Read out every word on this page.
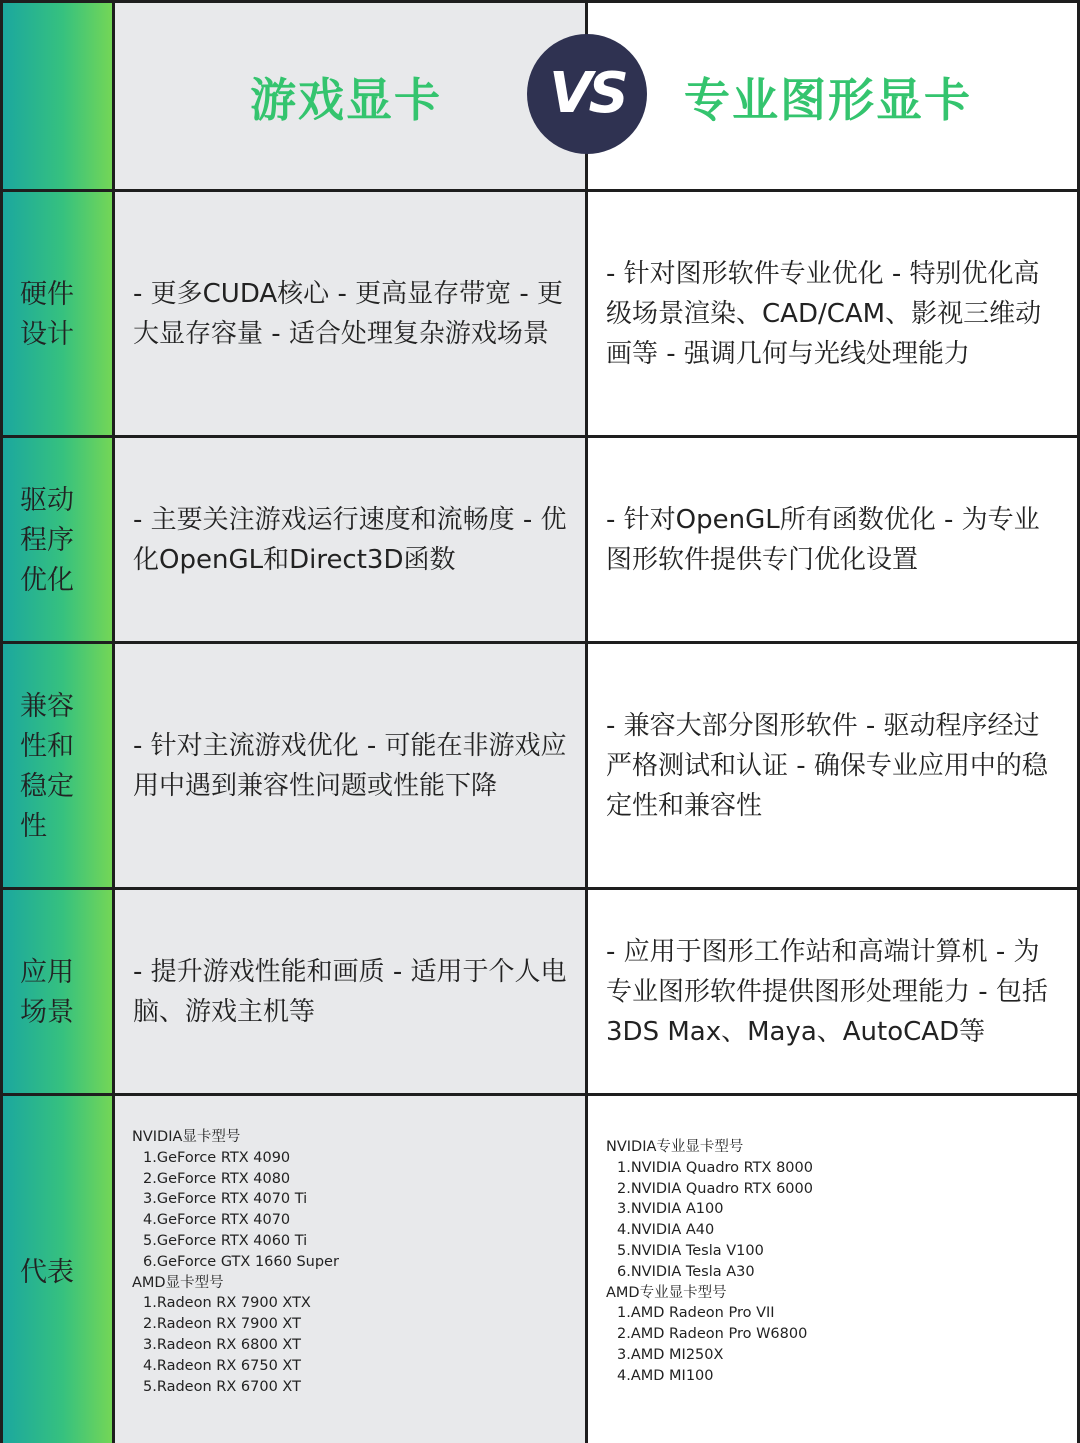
游戏显卡	专业图形显卡
硬件设计
驱动程序优化
兼容性和稳定性
应用场景
代表
- 更多CUDA核心 - 更高显存带宽 - 更大显存容量 - 适合处理复杂游戏场景
- 针对图形软件专业优化 - 特别优化高级场景渲染、CAD/CAM、影视三维动画等 - 强调几何与光线处理能力
- 主要关注游戏运行速度和流畅度 - 优化OpenGL和Direct3D函数
- 针对OpenGL所有函数优化 - 为专业图形软件提供专门优化设置
- 针对主流游戏优化 - 可能在非游戏应用中遇到兼容性问题或性能下降
- 兼容大部分图形软件 - 驱动程序经过严格测试和认证 - 确保专业应用中的稳定性和兼容性
- 提升游戏性能和画质 - 适用于个人电脑、游戏主机等
- 应用于图形工作站和高端计算机 - 为专业图形软件提供图形处理能力 - 包括3DS Max、Maya、AutoCAD等
NVIDIA显卡型号
1.GeForce RTX 4090
2.GeForce RTX 4080
3.GeForce RTX 4070 Ti
4.GeForce RTX 4070
5.GeForce RTX 4060 Ti
6.GeForce GTX 1660 Super
AMD显卡型号
1.Radeon RX 7900 XTX
2.Radeon RX 7900 XT
3.Radeon RX 6800 XT
4.Radeon RX 6750 XT
5.Radeon RX 6700 XT
NVIDIA专业显卡型号
1.NVIDIA Quadro RTX 8000
2.NVIDIA Quadro RTX 6000
3.NVIDIA A100
4.NVIDIA A40
5.NVIDIA Tesla V100
6.NVIDIA Tesla A30
AMD专业显卡型号
1.AMD Radeon Pro VII
2.AMD Radeon Pro W6800
3.AMD MI250X
4.AMD MI100
VS
